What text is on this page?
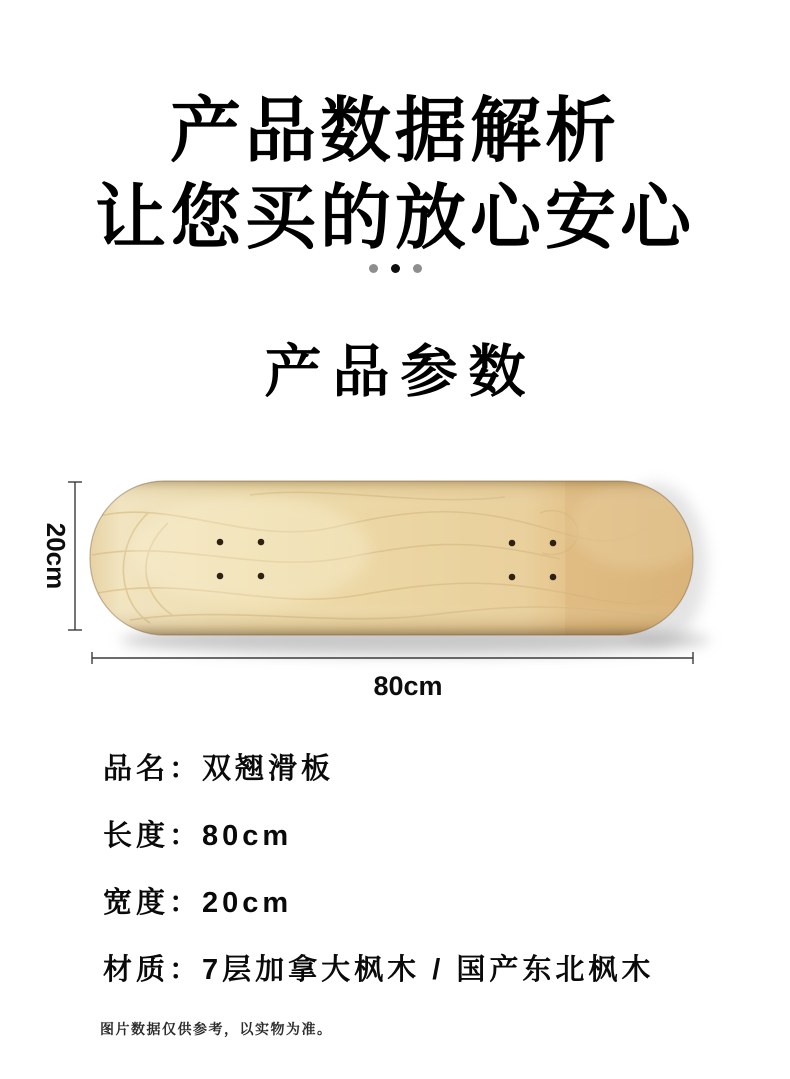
产品数据解析
让您买的放心安心
产品参数
20cm
80cm
品名：双翘滑板
长度：80cm
宽度：20cm
材质：7层加拿大枫木 / 国产东北枫木
图片数据仅供参考，以实物为准。
